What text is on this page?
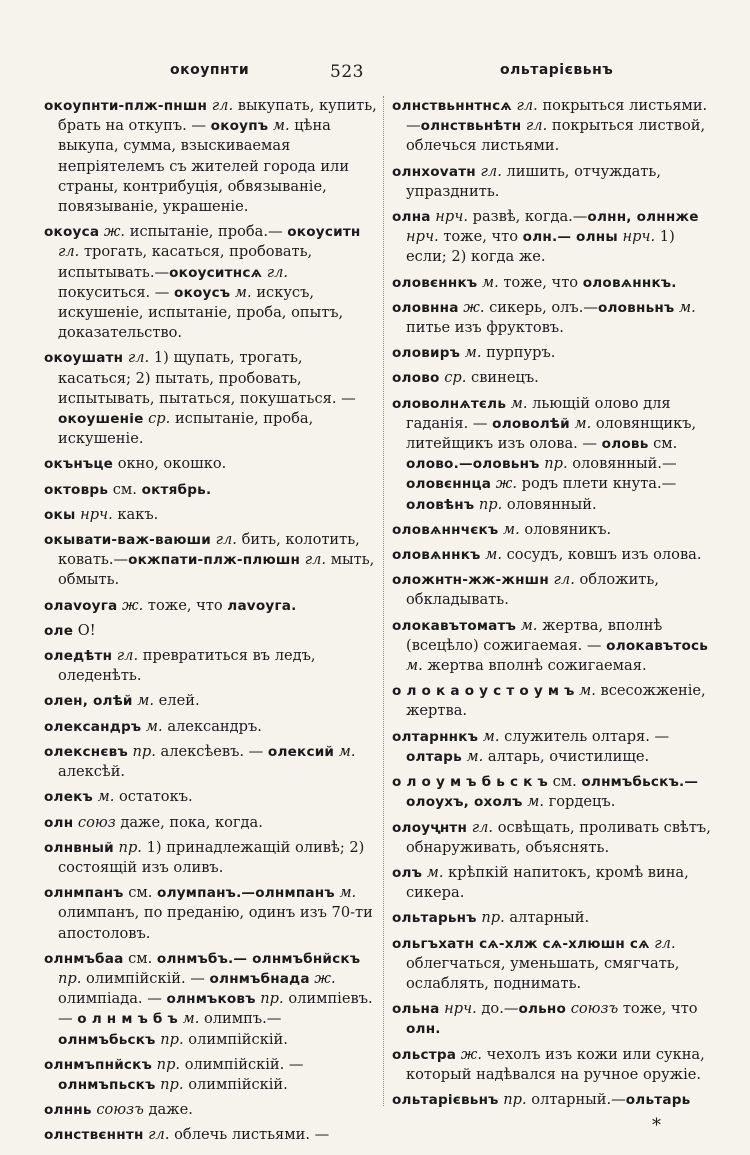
окоупнти	523	ольтарієвьнъ
окоупнти-плж-пншн гл. выкупать, купить, брать на откупъ. — окоупъ м. цѣна выкупа, сумма, взыскиваемая непріятелемъ съ жителей города или страны, контрибуція, обвязываніе, повязываніе, украшеніе.
окоуса ж. испытаніе, проба.— окоуситн гл. трогать, касаться, пробовать, испытывать.—окоуситнсѧ гл. покуситься. — окоусъ м. искусъ, искушеніе, испытаніе, проба, опытъ, доказательство.
окоушатн гл. 1) щупать, трогать, касаться; 2) пытать, пробовать, испытывать, пытаться, покушаться. — окоушеніе ср. испытаніе, проба, искушеніе.
окънъце окно, окошко.
октоврь см. октябрь.
окы нрч. какъ.
окывати-важ-ваюши гл. бить, колотить, ковать.—окжпати-плж-плюшн гл. мыть, обмыть.
олаvоуга ж. тоже, что лаvоуга.
оле О!
оледѣтн гл. превратиться въ ледъ, оледенѣть.
олен, олѣй м. елей.
олександръ м. александръ.
олекснєвъ пр. алексѣевъ. — олексий м. алексѣй.
олекъ м. остатокъ.
олн союз даже, пока, когда.
олнвный пр. 1) принадлежащій оливѣ; 2) состоящій изъ оливъ.
олнмпанъ см. олумпанъ.—олнмпанъ м. олимпанъ, по преданію, одинъ изъ 70-ти апостоловъ.
олнмъбаа см. олнмъбъ.— олнмъбнйскъ пр. олимпійскій. — олнмъбнада ж. олимпіада. — олнмъковъ пр. олимпіевъ.— о л н м ъ б ъ м. олимпъ.— олнмъбьскъ пр. олимпійскій.
олнмъпнйскъ пр. олимпійскій. — олнмъпьскъ пр. олимпійскій.
олннь союзъ даже.
олнствєннтн гл. облечь листьями. —
олнствьннтнсѧ гл. покрыться листьями.—олнствьнѣтн гл. покрыться листвой, облечься листьями.
олнхоvатн гл. лишить, отчуждать, упразднить.
олна нрч. развѣ, когда.—олнн, олннже нрч. тоже, что олн.— олны нрч. 1) если; 2) когда же.
оловєннкъ м. тоже, что оловѧннкъ.
оловнна ж. сикерь, олъ.—оловньнъ м. питье изъ фруктовъ.
оловиръ м. пурпуръ.
олово ср. свинецъ.
оловолнѧтєль м. льющій олово для гаданія. — оловолѣй м. оловянщикъ, литейщикъ изъ олова. — оловь см. олово.—оловьнъ пр. оловянный.—оловєннца ж. родъ плети кнута.—оловѣнъ пр. оловянный.
оловѧннчєкъ м. оловяникъ.
оловѧннкъ м. сосудъ, ковшъ изъ олова.
оложнтн-жж-жншн гл. обложить, обкладывать.
олокавътоматъ м. жертва, вполнѣ (всецѣло) сожигаемая. — олокавътось м. жертва вполнѣ сожигаемая.
о л о к а о у с т о у м ъ м. всесожженіе, жертва.
олтарннкъ м. служитель олтаря. — олтарь м. алтарь, очистилище.
о л о у м ъ б ь с к ъ см. олнмъбьскъ.— олоухъ, охолъ м. гордецъ.
олоуҷнтн гл. освѣщать, проливать свѣтъ, обнаруживать, объяснять.
олъ м. крѣпкій напитокъ, кромѣ вина, сикера.
ольтарьнъ пр. алтарный.
ольгъхатн сѧ-хлж сѧ-хлюшн сѧ гл. облегчаться, уменьшать, смягчать, ослаблять, поднимать.
ольна нрч. до.—ольно союзъ тоже, что олн.
ольстра ж. чехолъ изъ кожи или сукна, который надѣвался на ручное оружіе.
ольтарієвьнъ пр. олтарный.—ольтарь
*
